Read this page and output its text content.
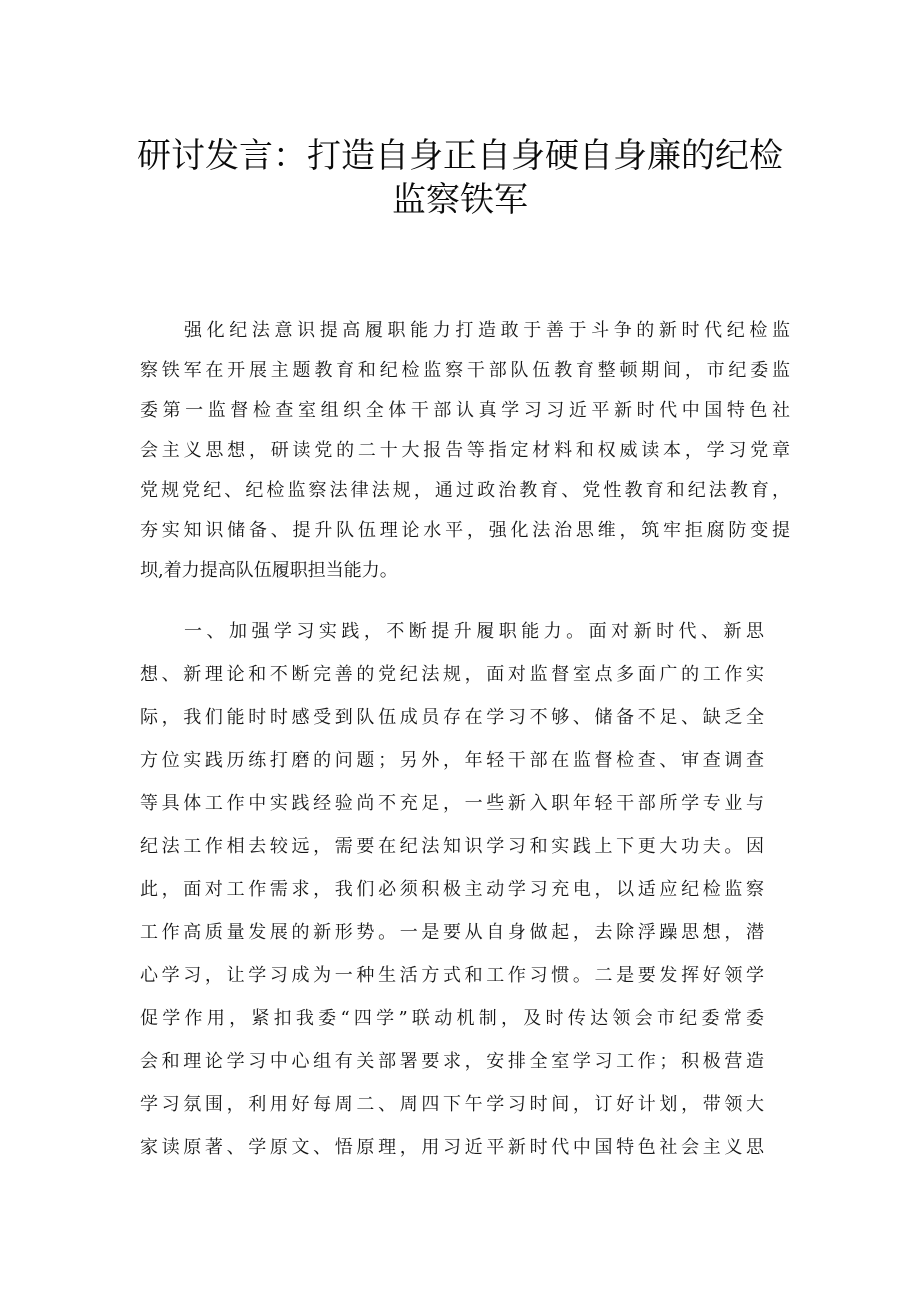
研讨发言：打造自身正自身硬自身廉的纪检
监察铁军
强化纪法意识提高履职能力打造敢于善于斗争的新时代纪检监
察铁军在开展主题教育和纪检监察干部队伍教育整顿期间，市纪委监
委第一监督检查室组织全体干部认真学习习近平新时代中国特色社
会主义思想，研读党的二十大报告等指定材料和权威读本，学习党章
党规党纪、纪检监察法律法规，通过政治教育、党性教育和纪法教育，
夯实知识储备、提升队伍理论水平，强化法治思维，筑牢拒腐防变提
坝,着力提高队伍履职担当能力。
一、加强学习实践，不断提升履职能力。面对新时代、新思
想、新理论和不断完善的党纪法规，面对监督室点多面广的工作实
际，我们能时时感受到队伍成员存在学习不够、储备不足、缺乏全
方位实践历练打磨的问题；另外，年轻干部在监督检查、审查调查
等具体工作中实践经验尚不充足，一些新入职年轻干部所学专业与
纪法工作相去较远，需要在纪法知识学习和实践上下更大功夫。因
此，面对工作需求，我们必须积极主动学习充电，以适应纪检监察
工作高质量发展的新形势。一是要从自身做起，去除浮躁思想，潜
心学习，让学习成为一种生活方式和工作习惯。二是要发挥好领学
促学作用，紧扣我委“四学”联动机制，及时传达领会市纪委常委
会和理论学习中心组有关部署要求，安排全室学习工作；积极营造
学习氛围，利用好每周二、周四下午学习时间，订好计划，带领大
家读原著、学原文、悟原理，用习近平新时代中国特色社会主义思
